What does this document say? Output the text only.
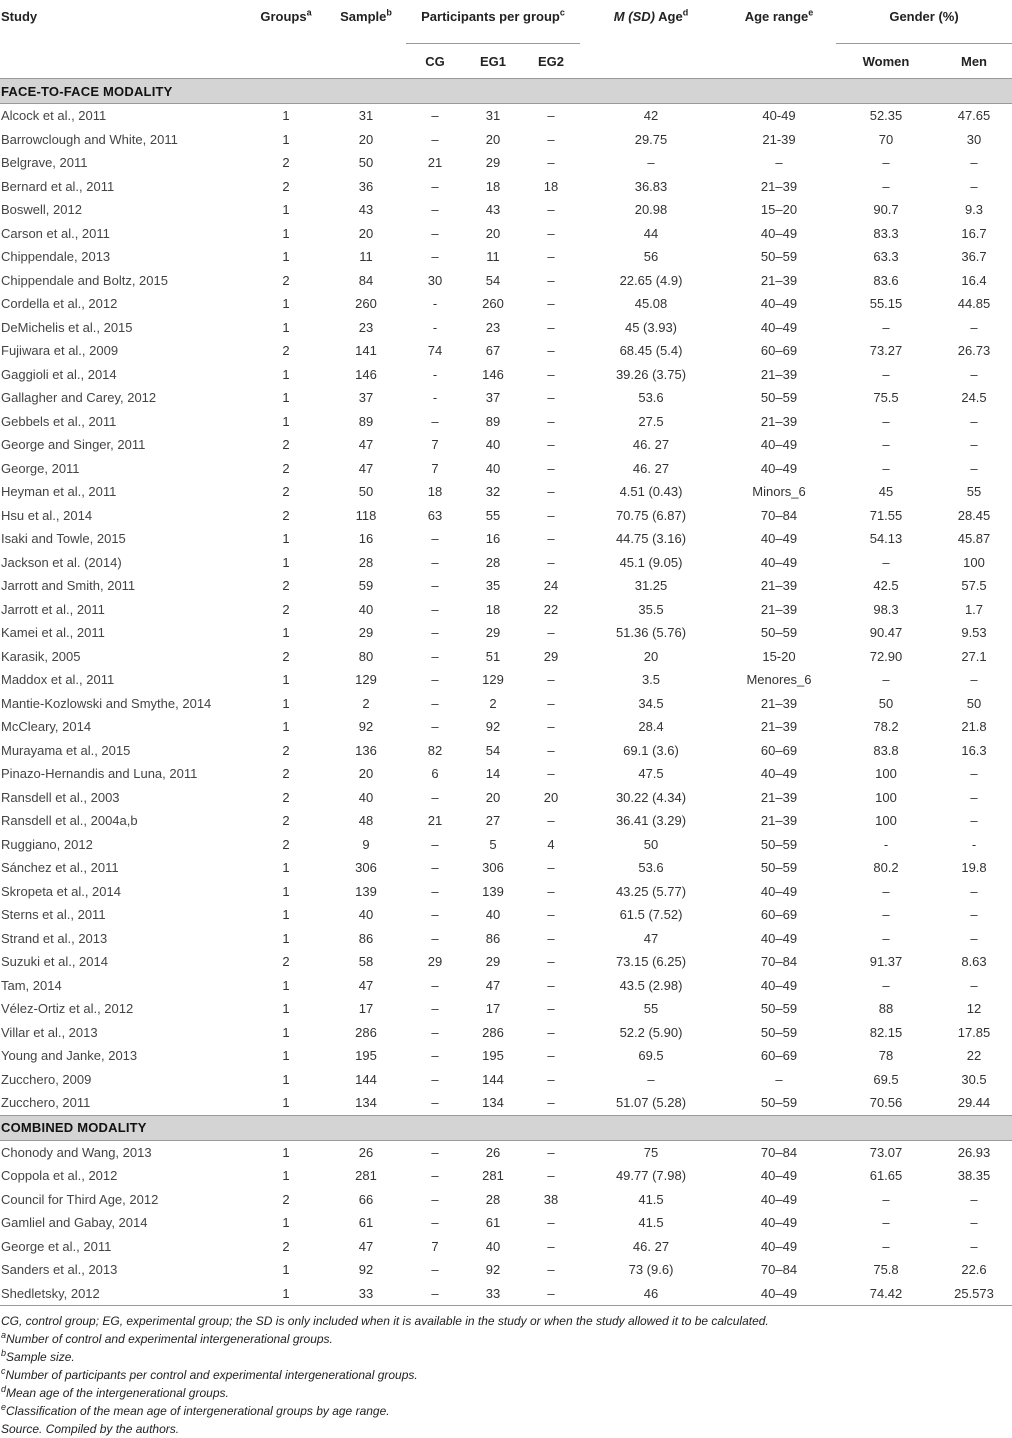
Study	Groups$^a$	Sample$^b$	Participants per group$^c$			M (SD) Age$^d$	Age range$^e$	Gender (%)	
			CG	EG1	EG2			Women	Men
FACE-TO-FACE MODALITY									
Alcock et al., 2011	1	31	–	31	–	42	40-49	52.35	47.65
Barrowclough and White, 2011	1	20	–	20	–	29.75	21-39	70	30
Belgrave, 2011	2	50	21	29	–	–	–	–	–
Bernard et al., 2011	2	36	–	18	18	36.83	21–39	–	–
Boswell, 2012	1	43	–	43	–	20.98	15–20	90.7	9.3
Carson et al., 2011	1	20	–	20	–	44	40–49	83.3	16.7
Chippendale, 2013	1	11	–	11	–	56	50–59	63.3	36.7
Chippendale and Boltz, 2015	2	84	30	54	–	22.65 (4.9)	21–39	83.6	16.4
Cordella et al., 2012	1	260	-	260	–	45.08	40–49	55.15	44.85
DeMichelis et al., 2015	1	23	-	23	–	45 (3.93)	40–49	–	–
Fujiwara et al., 2009	2	141	74	67	–	68.45 (5.4)	60–69	73.27	26.73
Gaggioli et al., 2014	1	146	-	146	–	39.26 (3.75)	21–39	–	–
Gallagher and Carey, 2012	1	37	-	37	–	53.6	50–59	75.5	24.5
Gebbels et al., 2011	1	89	–	89	–	27.5	21–39	–	–
George and Singer, 2011	2	47	7	40	–	46. 27	40–49	–	–
George, 2011	2	47	7	40	–	46. 27	40–49	–	–
Heyman et al., 2011	2	50	18	32	–	4.51 (0.43)	Minors_6	45	55
Hsu et al., 2014	2	118	63	55	–	70.75 (6.87)	70–84	71.55	28.45
Isaki and Towle, 2015	1	16	–	16	–	44.75 (3.16)	40–49	54.13	45.87
Jackson et al. (2014)	1	28	–	28	–	45.1 (9.05)	40–49	–	100
Jarrott and Smith, 2011	2	59	–	35	24	31.25	21–39	42.5	57.5
Jarrott et al., 2011	2	40	–	18	22	35.5	21–39	98.3	1.7
Kamei et al., 2011	1	29	–	29	–	51.36 (5.76)	50–59	90.47	9.53
Karasik, 2005	2	80	–	51	29	20	15-20	72.90	27.1
Maddox et al., 2011	1	129	–	129	–	3.5	Menores_6	–	–
Mantie-Kozlowski and Smythe, 2014	1	2	–	2	–	34.5	21–39	50	50
McCleary, 2014	1	92	–	92	–	28.4	21–39	78.2	21.8
Murayama et al., 2015	2	136	82	54	–	69.1 (3.6)	60–69	83.8	16.3
Pinazo-Hernandis and Luna, 2011	2	20	6	14	–	47.5	40–49	100	–
Ransdell et al., 2003	2	40	–	20	20	30.22 (4.34)	21–39	100	–
Ransdell et al., 2004a,b	2	48	21	27	–	36.41 (3.29)	21–39	100	–
Ruggiano, 2012	2	9	–	5	4	50	50–59	-	-
Sánchez et al., 2011	1	306	–	306	–	53.6	50–59	80.2	19.8
Skropeta et al., 2014	1	139	–	139	–	43.25 (5.77)	40–49	–	–
Sterns et al., 2011	1	40	–	40	–	61.5 (7.52)	60–69	–	–
Strand et al., 2013	1	86	–	86	–	47	40–49	–	–
Suzuki et al., 2014	2	58	29	29	–	73.15 (6.25)	70–84	91.37	8.63
Tam, 2014	1	47	–	47	–	43.5 (2.98)	40–49	–	–
Vélez-Ortiz et al., 2012	1	17	–	17	–	55	50–59	88	12
Villar et al., 2013	1	286	–	286	–	52.2 (5.90)	50–59	82.15	17.85
Young and Janke, 2013	1	195	–	195	–	69.5	60–69	78	22
Zucchero, 2009	1	144	–	144	–	–	–	69.5	30.5
Zucchero, 2011	1	134	–	134	–	51.07 (5.28)	50–59	70.56	29.44
COMBINED MODALITY									
Chonody and Wang, 2013	1	26	–	26	–	75	70–84	73.07	26.93
Coppola et al., 2012	1	281	–	281	–	49.77 (7.98)	40–49	61.65	38.35
Council for Third Age, 2012	2	66	–	28	38	41.5	40–49	–	–
Gamliel and Gabay, 2014	1	61	–	61	–	41.5	40–49	–	–
George et al., 2011	2	47	7	40	–	46. 27	40–49	–	–
Sanders et al., 2013	1	92	–	92	–	73 (9.6)	70–84	75.8	22.6
Shedletsky, 2012	1	33	–	33	–	46	40–49	74.42	25.573
CG, control group; EG, experimental group; the SD is only included when it is available in the study or when the study allowed it to be calculated.
$^a$Number of control and experimental intergenerational groups.
$^b$Sample size.
$^c$Number of participants per control and experimental intergenerational groups.
$^d$Mean age of the intergenerational groups.
$^e$Classification of the mean age of intergenerational groups by age range.
Source. Compiled by the authors.
